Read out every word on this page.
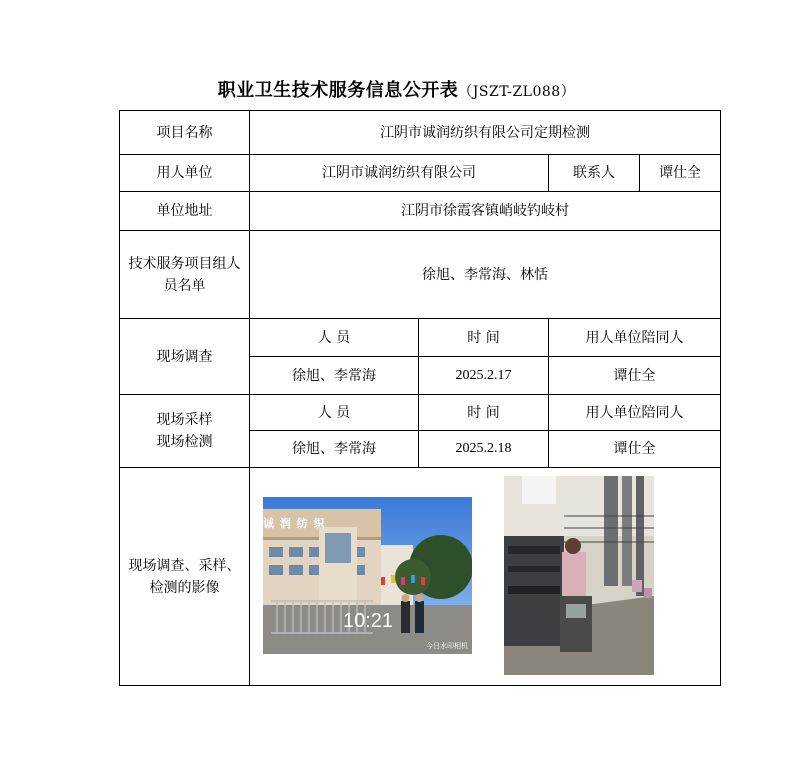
职业卫生技术服务信息公开表（JSZT-ZL088）
项目名称	江阴市诚润纺织有限公司定期检测			
用人单位	江阴市诚润纺织有限公司		联系人	谭仕全
单位地址	江阴市徐霞客镇峭岐钓岐村			
技术服务项目组人员名单	徐旭、李常海、林恬			
现场调查	人 员	时 间	用人单位陪同人	
	徐旭、李常海	2025.2.17	谭仕全	
现场采样现场检测	人 员	时 间	用人单位陪同人	
	徐旭、李常海	2025.2.18	谭仕全	
现场调查、采样、检测的影像				
诚 润 纺 织
10:21
今日水印相机
